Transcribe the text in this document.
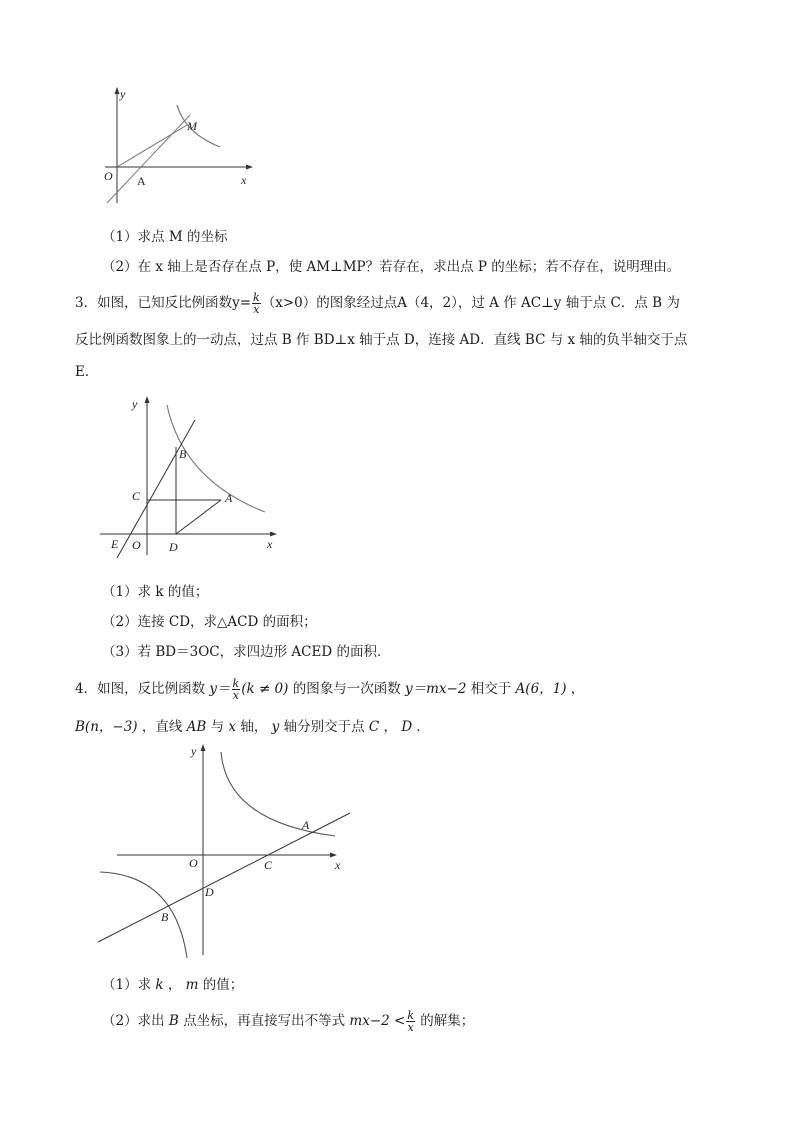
y
M
O A	x
（1）求点 M 的坐标
（2）在 x 轴上是否存在点 P，使 AM⊥MP？若存在，求出点 P 的坐标；若不存在，说明理由。
3．如图，已知反比例函数$y= \frac{k}{x} (x>0)$的图象经过点A（4，2），过 A 作 AC⊥y 轴于点 C．点 B 为
反比例函数图象上的一动点，过点 B 作 BD⊥x 轴于点 D，连接 AD．直线 BC 与 x 轴的负半轴交于点
E．
y
B
C	A
E O D	x
（1）求 k 的值；
（2）连接 CD，求△ACD 的面积；
（3）若 BD＝3OC，求四边形 ACED 的面积．
4．如图，反比例函数 $y= \frac{k}{x} (k \ne 0)$ 的图象与一次函数 y＝mx−2 相交于 A(6，1) ，
B(n，−3) ，直线 AB 与 x 轴， y 轴分别交于点 C ， D ．
y
A
O	C	x
D
B
（1）求 k ， m 的值；
（2）求出 B 点坐标，再直接写出不等式 $mx-2 < \frac{k}{x}$ 的解集；
